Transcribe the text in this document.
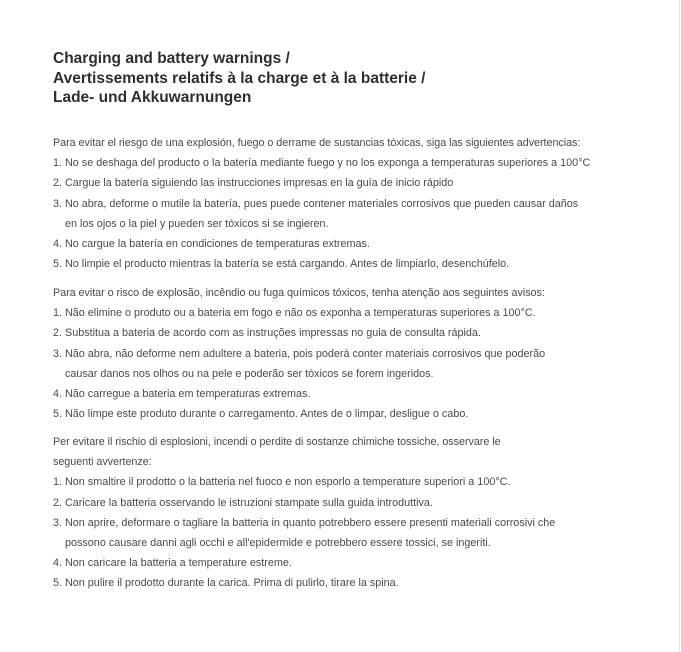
Charging and battery warnings /
Avertissements relatifs à la charge et à la batterie /
Lade- und Akkuwarnungen
Para evitar el riesgo de una explosión, fuego o derrame de sustancias tóxicas, siga las siguientes advertencias:
1. No se deshaga del producto o la batería mediante fuego y no los exponga a temperaturas superiores a 100°C
2. Cargue la batería siguiendo las instrucciones impresas en la guía de inicio rápido
3. No abra, deforme o mutile la batería, pues puede contener materiales corrosivos que pueden causar daños
en los ojos o la piel y pueden ser tóxicos si se ingieren.
4. No cargue la batería en condiciones de temperaturas extremas.
5. No limpie el producto mientras la batería se está cargando. Antes de limpiarlo, desenchúfelo.
Para evitar o risco de explosão, incêndio ou fuga químicos tóxicos, tenha atenção aos seguintes avisos:
1. Não elimine o produto ou a bateria em fogo e não os exponha a temperaturas superiores a 100°C.
2. Substitua a bateria de acordo com as instruções impressas no guia de consulta rápida.
3. Não abra, não deforme nem adultere a bateria, pois poderá conter materiais corrosivos que poderão
causar danos nos olhos ou na pele e poderão ser tóxicos se forem ingeridos.
4. Não carregue a bateria em temperaturas extremas.
5. Não limpe este produto durante o carregamento. Antes de o limpar, desligue o cabo.
Per evitare il rischio di esplosioni, incendi o perdite di sostanze chimiche tossiche, osservare le
seguenti avvertenze:
1. Non smaltire il prodotto o la batteria nel fuoco e non esporlo a temperature superiori a 100°C.
2. Caricare la batteria osservando le istruzioni stampate sulla guida introduttiva.
3. Non aprire, deformare o tagliare la batteria in quanto potrebbero essere presenti materiali corrosivi che
possono causare danni agli occhi e all'epidermide e potrebbero essere tossici, se ingeriti.
4. Non caricare la batteria a temperature estreme.
5. Non pulire il prodotto durante la carica. Prima di pulirlo, tirare la spina.
